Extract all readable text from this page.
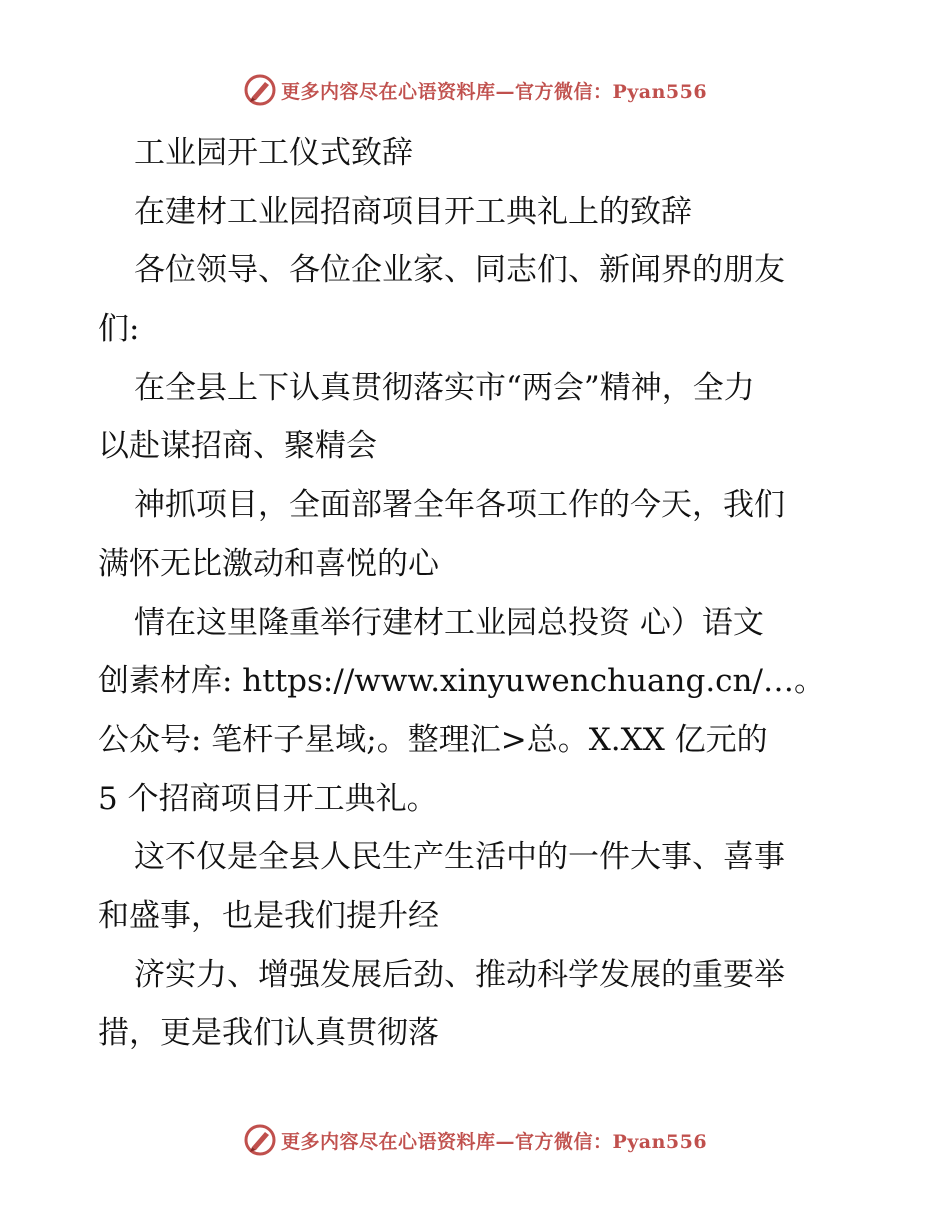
更多内容尽在心语资料库—官方微信：Pyan556
工业园开工仪式致辞
在建材工业园招商项目开工典礼上的致辞
各位领导、各位企业家、同志们、新闻界的朋友
们:
在全县上下认真贯彻落实市“两会”精神，全力
以赴谋招商、聚精会
神抓项目，全面部署全年各项工作的今天，我们
满怀无比激动和喜悦的心
情在这里隆重举行建材工业园总投资 心）语文
创素材库: https://www.xinyuwenchuang.cn/…。
公众号: 笔杆子星域;。整理汇>总。X.XX 亿元的
5 个招商项目开工典礼。
这不仅是全县人民生产生活中的一件大事、喜事
和盛事，也是我们提升经
济实力、增强发展后劲、推动科学发展的重要举
措，更是我们认真贯彻落
更多内容尽在心语资料库—官方微信：Pyan556
